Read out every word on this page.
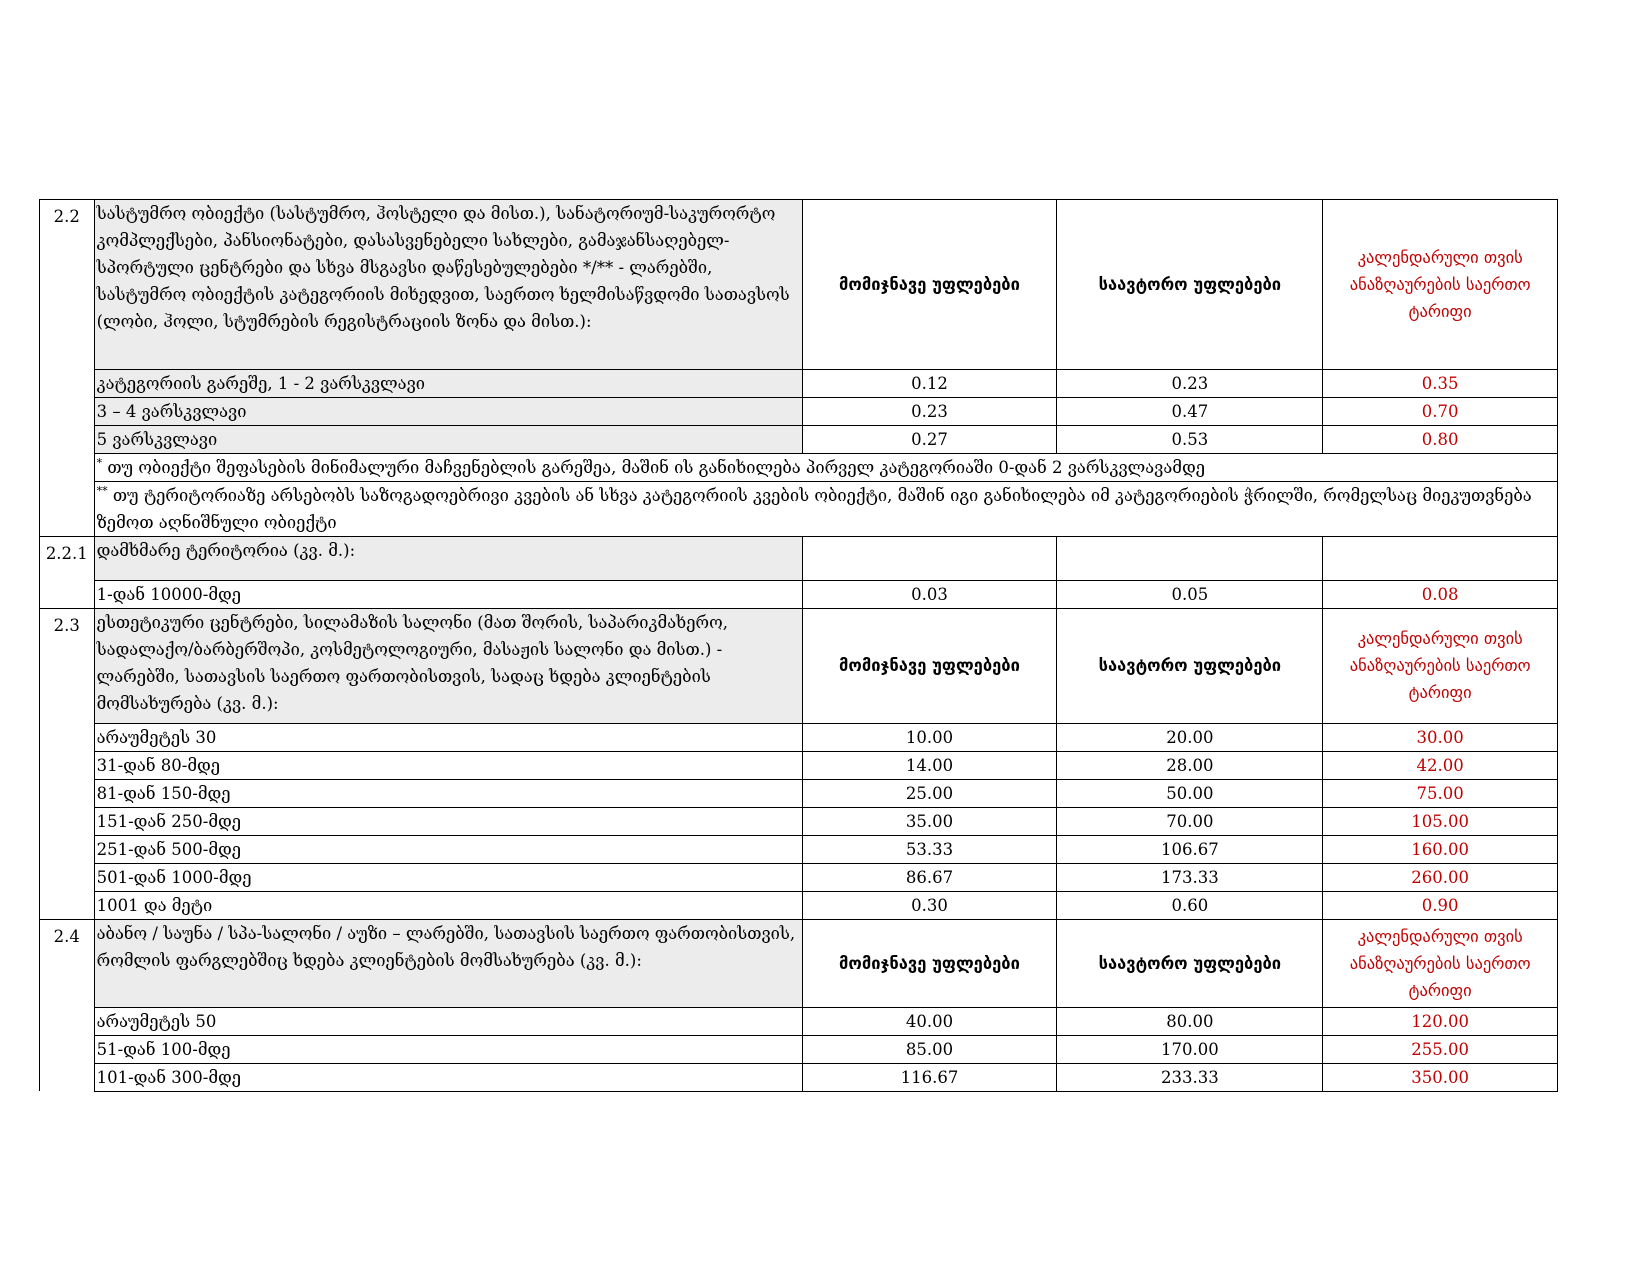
2.2	სასტუმრო ობიექტი (სასტუმრო, ჰოსტელი და მისთ.), სანატორიუმ-საკურორტო კომპლექსები, პანსიონატები, დასასვენებელი სახლები, გამაჯანსაღებელ-სპორტული ცენტრები და სხვა მსგავსი დაწესებულებები */** - ლარებში, სასტუმრო ობიექტის კატეგორიის მიხედვით, საერთო ხელმისაწვდომი სათავსოს (ლობი, ჰოლი, სტუმრების რეგისტრაციის ზონა და მისთ.):	მომიჯნავე უფლებები	საავტორო უფლებები	კალენდარული თვის ანაზღაურების საერთო ტარიფი
	კატეგორიის გარეშე, 1 - 2 ვარსკვლავი	0.12	0.23	0.35
	3 – 4 ვარსკვლავი	0.23	0.47	0.70
	5 ვარსკვლავი	0.27	0.53	0.80
	* თუ ობიექტი შეფასების მინიმალური მაჩვენებლის გარეშეა, მაშინ ის განიხილება პირველ კატეგორიაში 0-დან 2 ვარსკვლავამდე			
	** თუ ტერიტორიაზე არსებობს საზოგადოებრივი კვების ან სხვა კატეგორიის კვების ობიექტი, მაშინ იგი განიხილება იმ კატეგორიების ჭრილში, რომელსაც მიეკუთვნება ზემოთ აღნიშნული ობიექტი			
2.2.1	დამხმარე ტერიტორია (კვ. მ.):			
	1-დან 10000-მდე	0.03	0.05	0.08
2.3	ესთეტიკური ცენტრები, სილამაზის სალონი (მათ შორის, საპარიკმახერო, სადალაქო/ბარბერშოპი, კოსმეტოლოგიური, მასაჟის სალონი და მისთ.) - ლარებში, სათავსის საერთო ფართობისთვის, სადაც ხდება კლიენტების მომსახურება (კვ. მ.):	მომიჯნავე უფლებები	საავტორო უფლებები	კალენდარული თვის ანაზღაურების საერთო ტარიფი
	არაუმეტეს 30	10.00	20.00	30.00
	31-დან 80-მდე	14.00	28.00	42.00
	81-დან 150-მდე	25.00	50.00	75.00
	151-დან 250-მდე	35.00	70.00	105.00
	251-დან 500-მდე	53.33	106.67	160.00
	501-დან 1000-მდე	86.67	173.33	260.00
	1001 და მეტი	0.30	0.60	0.90
2.4	აბანო / საუნა / სპა-სალონი / აუზი – ლარებში, სათავსის საერთო ფართობისთვის, რომლის ფარგლებშიც ხდება კლიენტების მომსახურება (კვ. მ.):	მომიჯნავე უფლებები	საავტორო უფლებები	კალენდარული თვის ანაზღაურების საერთო ტარიფი
	არაუმეტეს 50	40.00	80.00	120.00
	51-დან 100-მდე	85.00	170.00	255.00
	101-დან 300-მდე	116.67	233.33	350.00
